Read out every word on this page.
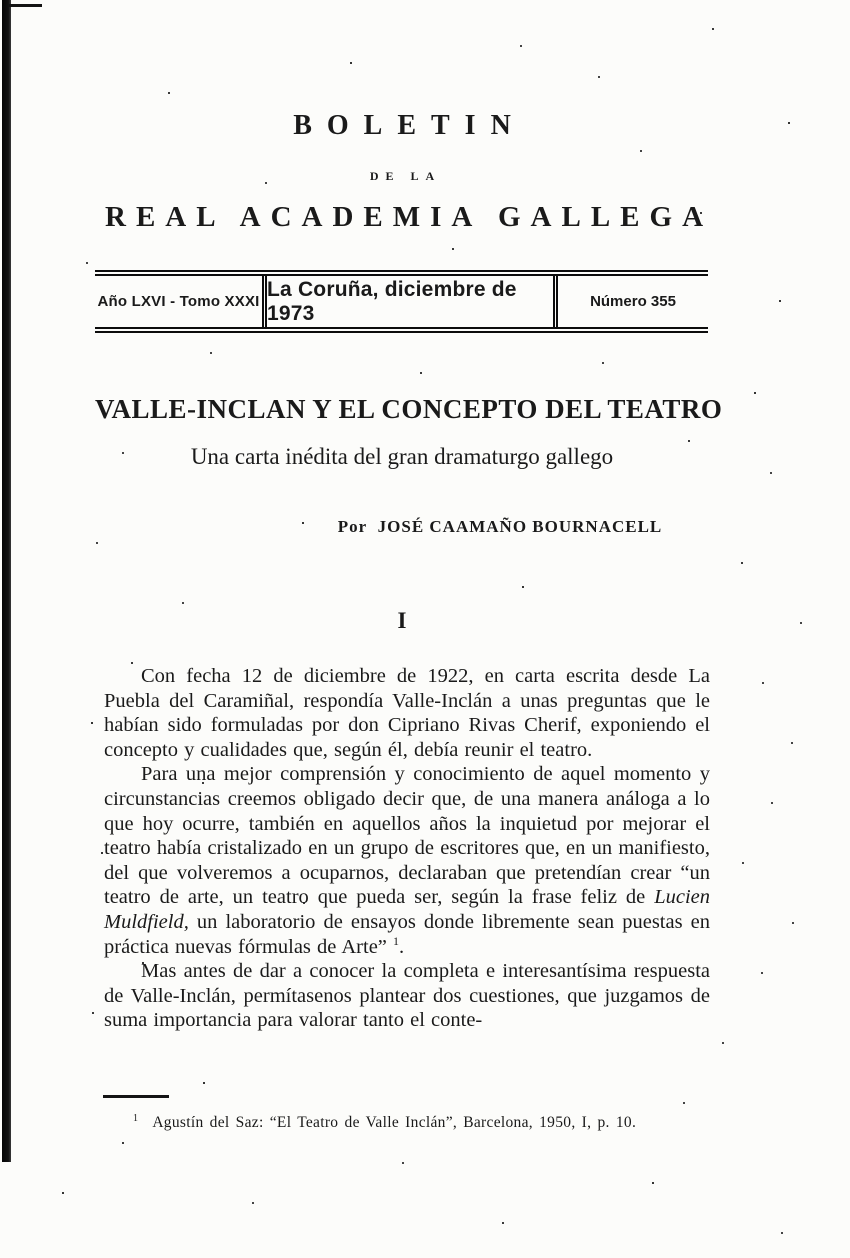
BOLETIN
DE LA
REAL ACADEMIA GALLEGA
Año LXVI - Tomo XXXI
La Coruña, diciembre de 1973	Número 355
VALLE-INCLAN Y EL CONCEPTO DEL TEATRO
Una carta inédita del gran dramaturgo gallego
Por JOSÉ CAAMAÑO BOURNACELL
I

Con fecha 12 de diciembre de 1922, en carta escrita desde La Puebla del Caramiñal, respondía Valle-Inclán a unas preguntas que le habían sido formuladas por don Cipriano Rivas Cherif, exponiendo el concepto y cualidades que, según él, debía reunir el teatro.

Para una mejor comprensión y conocimiento de aquel momento y circunstancias creemos obligado decir que, de una manera análoga a lo que hoy ocurre, también en aquellos años la inquietud por mejorar el teatro había cristalizado en un grupo de escritores que, en un manifiesto, del que volveremos a ocuparnos, declaraban que pretendían crear “un teatro de arte, un teatro que pueda ser, según la frase feliz de Lucien Muldfield, un laboratorio de ensayos donde libremente sean puestas en práctica nuevas fórmulas de Arte” $^1$.

Mas antes de dar a conocer la completa e interesantísima respuesta de Valle-Inclán, permítasenos plantear dos cuestiones, que juzgamos de suma importancia para valorar tanto el conte-

$^1$ Agustín del Saz: “El Teatro de Valle Inclán”, Barcelona, 1950, I, p. 10.
